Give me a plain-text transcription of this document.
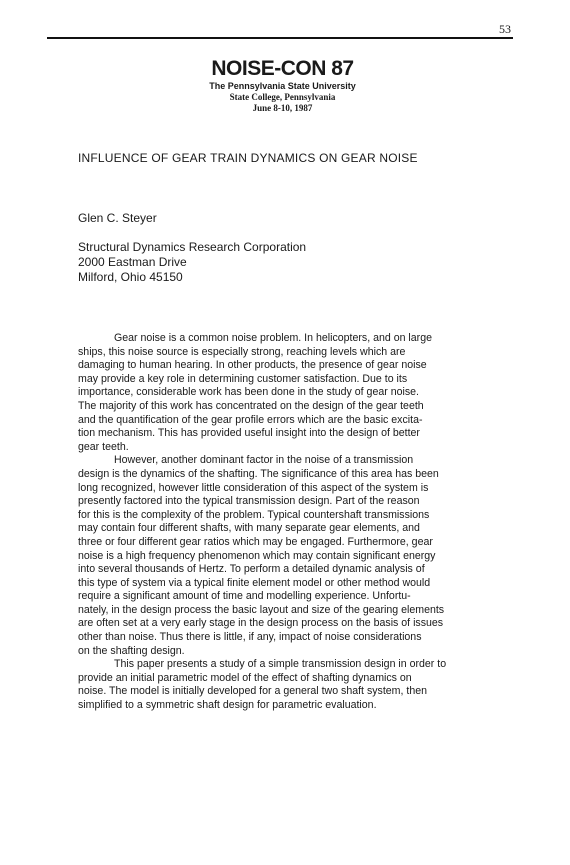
53
NOISE-CON 87
The Pennsylvania State University
State College, Pennsylvania
June 8-10, 1987
INFLUENCE OF GEAR TRAIN DYNAMICS ON GEAR NOISE
Glen C. Steyer
Structural Dynamics Research Corporation
2000 Eastman Drive
Milford, Ohio 45150
Gear noise is a common noise problem. In helicopters, and on large
ships, this noise source is especially strong, reaching levels which are
damaging to human hearing. In other products, the presence of gear noise
may provide a key role in determining customer satisfaction. Due to its
importance, considerable work has been done in the study of gear noise.
The majority of this work has concentrated on the design of the gear teeth
and the quantification of the gear profile errors which are the basic excita-
tion mechanism. This has provided useful insight into the design of better
gear teeth.
However, another dominant factor in the noise of a transmission
design is the dynamics of the shafting. The significance of this area has been
long recognized, however little consideration of this aspect of the system is
presently factored into the typical transmission design. Part of the reason
for this is the complexity of the problem. Typical countershaft transmissions
may contain four different shafts, with many separate gear elements, and
three or four different gear ratios which may be engaged. Furthermore, gear
noise is a high frequency phenomenon which may contain significant energy
into several thousands of Hertz. To perform a detailed dynamic analysis of
this type of system via a typical finite element model or other method would
require a significant amount of time and modelling experience. Unfortu-
nately, in the design process the basic layout and size of the gearing elements
are often set at a very early stage in the design process on the basis of issues
other than noise. Thus there is little, if any, impact of noise considerations
on the shafting design.
This paper presents a study of a simple transmission design in order to
provide an initial parametric model of the effect of shafting dynamics on
noise. The model is initially developed for a general two shaft system, then
simplified to a symmetric shaft design for parametric evaluation.
